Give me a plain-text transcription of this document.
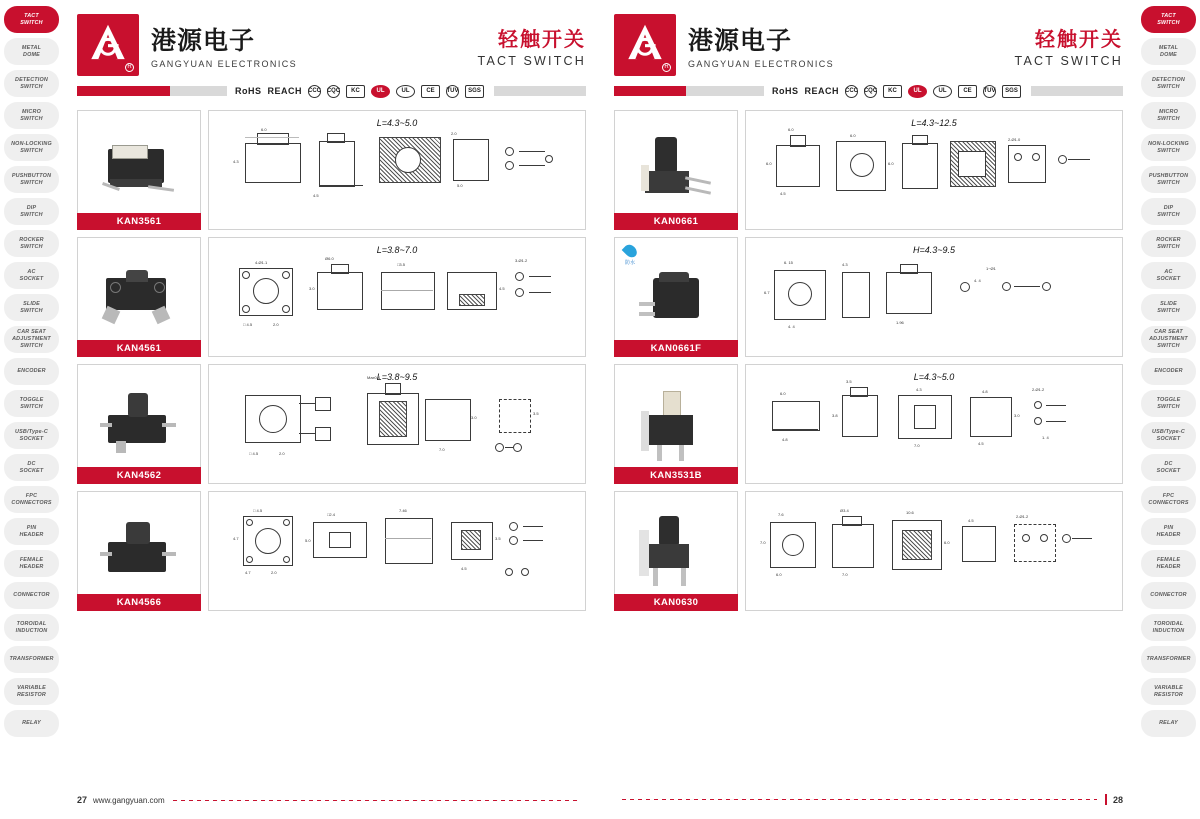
TACT
SWITCH
METAL
DOME
DETECTION
SWITCH
MICRO
SWITCH
NON-LOCKING
SWITCH
PUSHBUTTON
SWITCH
DIP
SWITCH
ROCKER
SWITCH
AC
SOCKET
SLIDE
SWITCH
CAR SEAT
ADJUSTMENT
SWITCH
ENCODER
TOGGLE
SWITCH
USB/Type-C
SOCKET
DC
SOCKET
FPC
CONNECTORS
PIN
HEADER
FEMALE
HEADER
CONNECTOR
TOROIDAL
INDUCTION
TRANSFORMER
VARIABLE
RESISTOR
RELAY
R
港源电子
GANGYUAN ELECTRONICS
轻触开关
TACT SWITCH
RoHS REACH CCC CQC	KC	UL	UL	CE	TUV	SGS
KAN3561
L=4.3~5.0
6.0
4.3
4.5
2.0
5.0
KAN4561
L=3.8~7.0
4-Ø1.1
□ 4.5	2.0
Ø6.0
3.0
□3.5
4.5
3-Ø1.2
KAN4562
L=3.8~9.5
□ 4.5	2.0
Max0.4
3.0
7.0
3.5
KAN4566
□ 4.5
4.7	2.0
4.7
□2.4
5.0
7.46
3.5
4.5
27 www.gangyuan.com
R
港源电子
GANGYUAN ELECTRONICS
轻触开关
TACT SWITCH
RoHS REACH CCC CQC	KC	UL	UL	CE	TUV	SGS
KAN0661
L=4.3~12.5
6.0
6.0
4.5
6.0
6.0
2-Ø1.0
防水
KAN0661F
H=4.3~9.5
6. 15
6.7
4. 4
4.3
1.96
4. 4
1~Ø1
KAN3531B
L=4.3~5.0
6.0
4.8
3.5
3.8
4.3
7.0
4.8
3.0
4.5
2-Ø1.2
1. 4
KAN0630
7.6
7.0
6.0
Ø3.4
7.0
10.6
6.0
4.5
2-Ø1.2
28
TACT
SWITCH
METAL
DOME
DETECTION
SWITCH
MICRO
SWITCH
NON-LOCKING
SWITCH
PUSHBUTTON
SWITCH
DIP
SWITCH
ROCKER
SWITCH
AC
SOCKET
SLIDE
SWITCH
CAR SEAT
ADJUSTMENT
SWITCH
ENCODER
TOGGLE
SWITCH
USB/Type-C
SOCKET
DC
SOCKET
FPC
CONNECTORS
PIN
HEADER
FEMALE
HEADER
CONNECTOR
TOROIDAL
INDUCTION
TRANSFORMER
VARIABLE
RESISTOR
RELAY
